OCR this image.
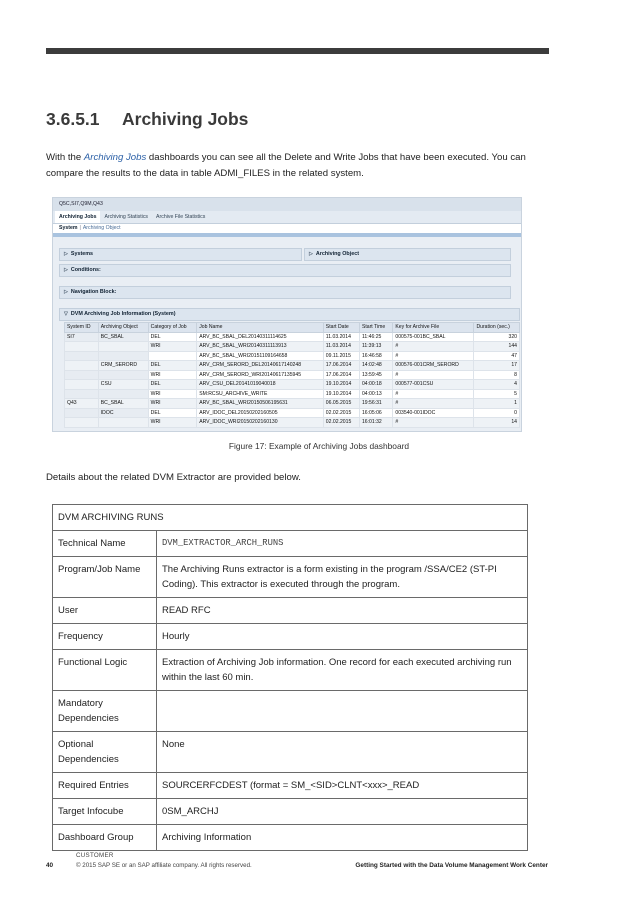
3.6.5.1 Archiving Jobs

With the Archiving Jobs dashboards you can see all the Delete and Write Jobs that have been executed. You can compare the results to the data in table ADMI_FILES in the related system.

Q5C,SI7,Q9M,Q43
Archiving Jobs	Archiving Statistics	Archive File Statistics
System | Archiving Object
▷Systems ▷	Archiving Object
▷Conditions:
▷Navigation Block:
▽DVM Archiving Job Information (System)
System ID	Archiving Object	Category of Job	Job Name	Start Date	Start Time	Key for Archive File	Duration (sec.)
SI7	BC_SBAL	DEL	ARV_BC_SBAL_DEL20140311114625	11.03.2014	11:46:25	000575-001BC_SBAL	320
		WRI	ARV_BC_SBAL_WRI20140311113913	11.03.2014	11:39:13	#	144
			ARV_BC_SBAL_WRI20151109164658	09.11.2015	16:46:58	#	47
	CRM_SERORD	DEL	ARV_CRM_SERORD_DEL20140617140248	17.06.2014	14:02:48	000576-001CRM_SERORD	17
		WRI	ARV_CRM_SERORD_WRI20140617135945	17.06.2014	13:59:45	#	8
	CSU	DEL	ARV_CSU_DEL20141019040018	19.10.2014	04:00:18	000577-001CSU	4
		WRI	SM:RCSU_ARCHIVE_WRITE	19.10.2014	04:00:13	#	5
Q43	BC_SBAL	WRI	ARV_BC_SBAL_WRI20150506195631	06.05.2015	19:56:31	#	1
	IDOC	DEL	ARV_IDOC_DEL20150202160505	02.02.2015	16:05:06	003540-001IDOC	0
		WRI	ARV_IDOC_WRI20150202160130	02.02.2015	16:01:32	#	14
Figure 17: Example of Archiving Jobs dashboard

Details about the related DVM Extractor are provided below.

DVM ARCHIVING RUNS	
Technical Name	DVM_EXTRACTOR_ARCH_RUNS
Program/Job Name	The Archiving Runs extractor is a form existing in the program /SSA/CE2 (ST-PI Coding). This extractor is executed through the program.
User	READ RFC
Frequency	Hourly
Functional Logic	Extraction of Archiving Job information. One record for each executed archiving run within the last 60 min.
Mandatory Dependencies	
Optional Dependencies	None
Required Entries	SOURCERFCDEST (format = SM_<SID>CLNT<xxx>_READ
Target Infocube	0SM_ARCHJ
Dashboard Group	Archiving Information
CUSTOMER
40	© 2015 SAP SE or an SAP affiliate company. All rights reserved.	Getting Started with the Data Volume Management Work Center
